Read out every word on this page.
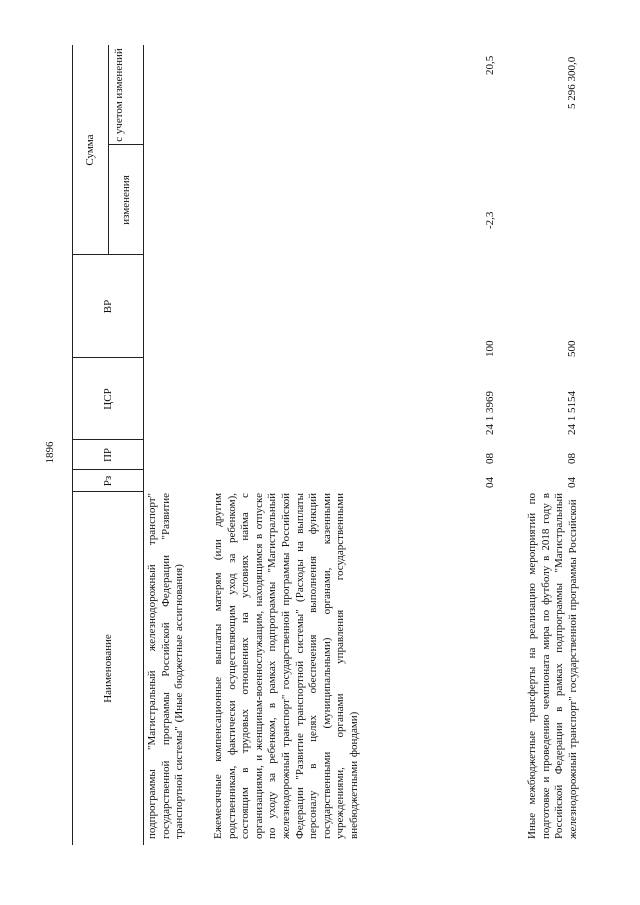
1896
Наименование
Рз
ПР
ЦСР
ВР
Сумма
изменения
с учетом изменений
подпрограммы "Магистральный железнодорожный транспорт" государственной программы Российской Федерации "Развитие транспортной системы" (Иные бюджетные ассигнования) Ежемесячные компенсационные выплаты матерям (или другим родственникам, фактически осуществляющим уход за ребенком), состоящим в трудовых отношениях на условиях найма с организациями, и женщинам-военнослужащим, находящимся в отпуске по уходу за ребенком, в рамках подпрограммы "Магистральный железнодорожный транспорт" государственной программы Российской Федерации "Развитие транспортной системы" (Расходы на выплаты персоналу в целях обеспечения выполнения функций государственными (муниципальными) органами, казенными учреждениями, органами управления государственными внебюджетными фондами)
04
08
24 1 3969
100
-2,3
20,5
Иные межбюджетные трансферты на реализацию мероприятий по подготовке и проведению чемпионата мира по футболу в 2018 году в Российской Федерации в рамках подпрограммы "Магистральный железнодорожный транспорт" государственной программы Российской
04
08
24 1 5154
500
5 296 300,0
